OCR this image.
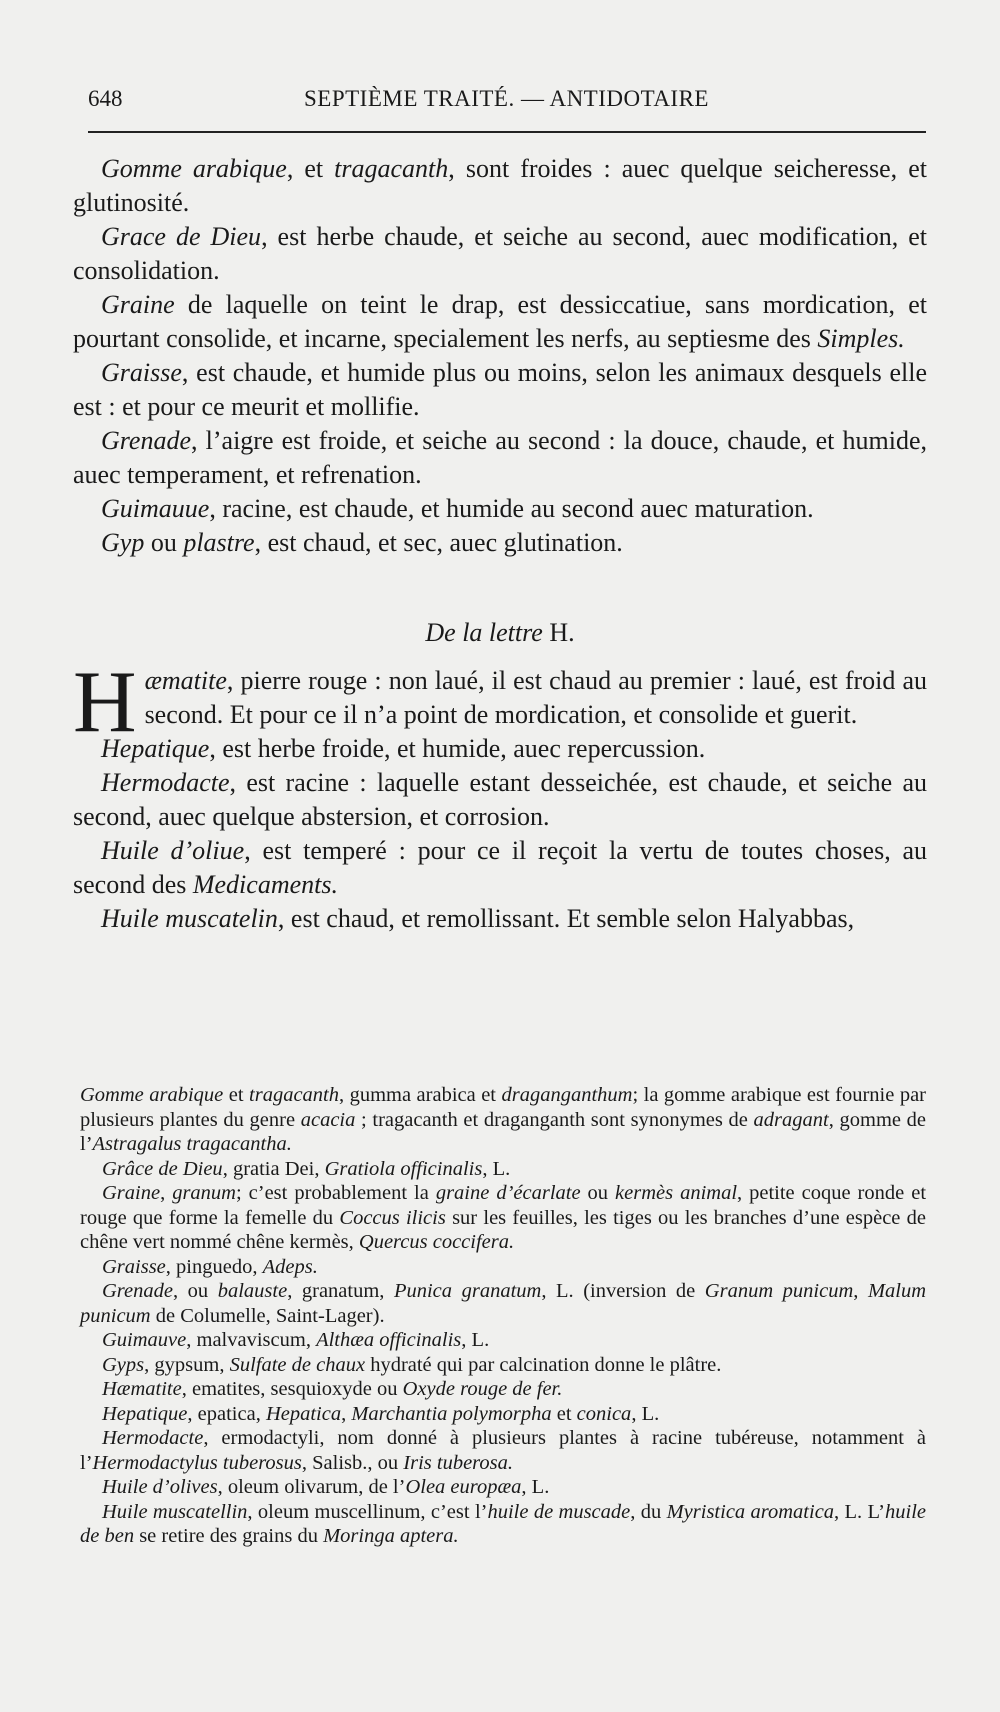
648	SEPTIÈME TRAITÉ. — ANTIDOTAIRE

Gomme arabique, et tragacanth, sont froides : auec quelque seicheresse, et glutinosité.

Grace de Dieu, est herbe chaude, et seiche au second, auec modification, et consolidation.

Graine de laquelle on teint le drap, est dessiccatiue, sans mordication, et pourtant consolide, et incarne, specialement les nerfs, au septiesme des Simples.

Graisse, est chaude, et humide plus ou moins, selon les animaux desquels elle est : et pour ce meurit et mollifie.

Grenade, l’aigre est froide, et seiche au second : la douce, chaude, et humide, auec temperament, et refrenation.

Guimauue, racine, est chaude, et humide au second auec maturation.

Gyp ou plastre, est chaud, et sec, auec glutination.

De la lettre H.

Hæmatite, pierre rouge : non laué, il est chaud au premier : laué, est froid au second. Et pour ce il n’a point de mordication, et consolide et guerit.

Hepatique, est herbe froide, et humide, auec repercussion.

Hermodacte, est racine : laquelle estant desseichée, est chaude, et seiche au second, auec quelque abstersion, et corrosion.

Huile d’oliue, est temperé : pour ce il reçoit la vertu de toutes choses, au second des Medicaments.

Huile muscatelin, est chaud, et remollissant. Et semble selon Halyabbas,

Gomme arabique et tragacanth, gumma arabica et draganganthum; la gomme arabique est fournie par plusieurs plantes du genre acacia ; tragacanth et draganganth sont synonymes de adragant, gomme de l’Astragalus tragacantha.

Grâce de Dieu, gratia Dei, Gratiola officinalis, L.

Graine, granum; c’est probablement la graine d’écarlate ou kermès animal, petite coque ronde et rouge que forme la femelle du Coccus ilicis sur les feuilles, les tiges ou les branches d’une espèce de chêne vert nommé chêne kermès, Quercus coccifera.

Graisse, pinguedo, Adeps.

Grenade, ou balauste, granatum, Punica granatum, L. (inversion de Granum punicum, Malum punicum de Columelle, Saint-Lager).

Guimauve, malvaviscum, Althæa officinalis, L.

Gyps, gypsum, Sulfate de chaux hydraté qui par calcination donne le plâtre.

Hæmatite, ematites, sesquioxyde ou Oxyde rouge de fer.

Hepatique, epatica, Hepatica, Marchantia polymorpha et conica, L.

Hermodacte, ermodactyli, nom donné à plusieurs plantes à racine tubéreuse, notamment à l’Hermodactylus tuberosus, Salisb., ou Iris tuberosa.

Huile d’olives, oleum olivarum, de l’Olea europæa, L.

Huile muscatellin, oleum muscellinum, c’est l’huile de muscade, du Myristica aromatica, L. L’huile de ben se retire des grains du Moringa aptera.
